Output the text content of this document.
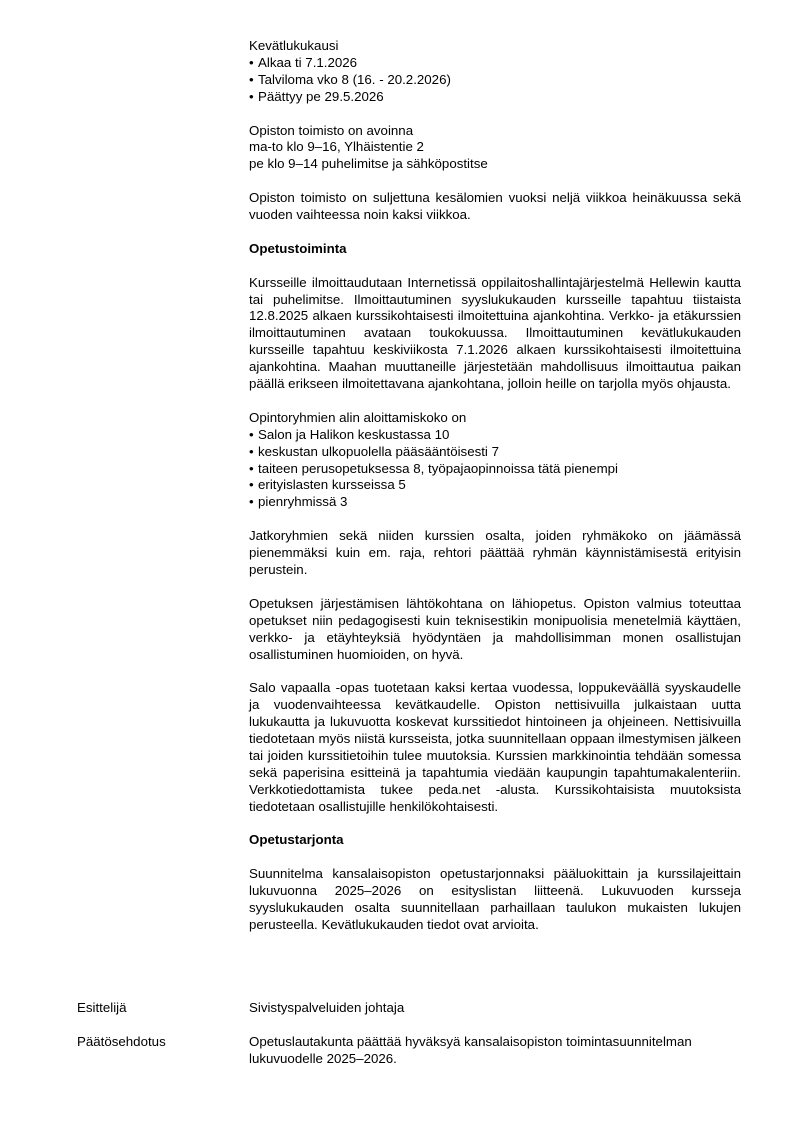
Kevätlukukausi
• Alkaa ti 7.1.2026
• Talviloma vko 8 (16. - 20.2.2026)
• Päättyy pe 29.5.2026
Opiston toimisto on avoinna
ma-to klo 9–16, Ylhäistentie 2
pe klo 9–14 puhelimitse ja sähköpostitse
Opiston toimisto on suljettuna kesälomien vuoksi neljä viikkoa heinäkuussa sekä vuoden vaihteessa noin kaksi viikkoa.
Opetustoiminta
Kursseille ilmoittaudutaan Internetissä oppilaitoshallintajärjestelmä Hellewin kautta tai puhelimitse. Ilmoittautuminen syyslukukauden kursseille tapahtuu tiistaista 12.8.2025 alkaen kurssikohtaisesti ilmoitettuina ajankohtina. Verkko- ja etäkurssien ilmoittautuminen avataan toukokuussa. Ilmoittautuminen kevätlukukauden kursseille tapahtuu keskiviikosta 7.1.2026 alkaen kurssikohtaisesti ilmoitettuina ajankohtina. Maahan muuttaneille järjestetään mahdollisuus ilmoittautua paikan päällä erikseen ilmoitettavana ajankohtana, jolloin heille on tarjolla myös ohjausta.
Opintoryhmien alin aloittamiskoko on
• Salon ja Halikon keskustassa 10
• keskustan ulkopuolella pääsääntöisesti 7
• taiteen perusopetuksessa 8, työpajaopinnoissa tätä pienempi
• erityislasten kursseissa 5
• pienryhmissä 3
Jatkoryhmien sekä niiden kurssien osalta, joiden ryhmäkoko on jäämässä pienemmäksi kuin em. raja, rehtori päättää ryhmän käynnistämisestä erityisin perustein.
Opetuksen järjestämisen lähtökohtana on lähiopetus. Opiston valmius toteuttaa opetukset niin pedagogisesti kuin teknisestikin monipuolisia menetelmiä käyttäen, verkko- ja etäyhteyksiä hyödyntäen ja mahdollisimman monen osallistujan osallistuminen huomioiden, on hyvä.
Salo vapaalla -opas tuotetaan kaksi kertaa vuodessa, loppukeväällä syyskaudelle ja vuodenvaihteessa kevätkaudelle. Opiston nettisivuilla julkaistaan uutta lukukautta ja lukuvuotta koskevat kurssitiedot hintoineen ja ohjeineen. Nettisivuilla tiedotetaan myös niistä kursseista, jotka suunnitellaan oppaan ilmestymisen jälkeen tai joiden kurssitietoihin tulee muutoksia. Kurssien markkinointia tehdään somessa sekä paperisina esitteinä ja tapahtumia viedään kaupungin tapahtumakalenteriin. Verkkotiedottamista tukee peda.net -alusta. Kurssikohtaisista muutoksista tiedotetaan osallistujille henkilökohtaisesti.
Opetustarjonta
Suunnitelma kansalaisopiston opetustarjonnaksi pääluokittain ja kurssilajeittain lukuvuonna 2025–2026 on esityslistan liitteenä. Lukuvuoden kursseja syyslukukauden osalta suunnitellaan parhaillaan taulukon mukaisten lukujen perusteella. Kevätlukukauden tiedot ovat arvioita.
Esittelijä	Sivistyspalveluiden johtaja
Päätösehdotus	Opetuslautakunta päättää hyväksyä kansalaisopiston toimintasuunnitelman lukuvuodelle 2025–2026.
